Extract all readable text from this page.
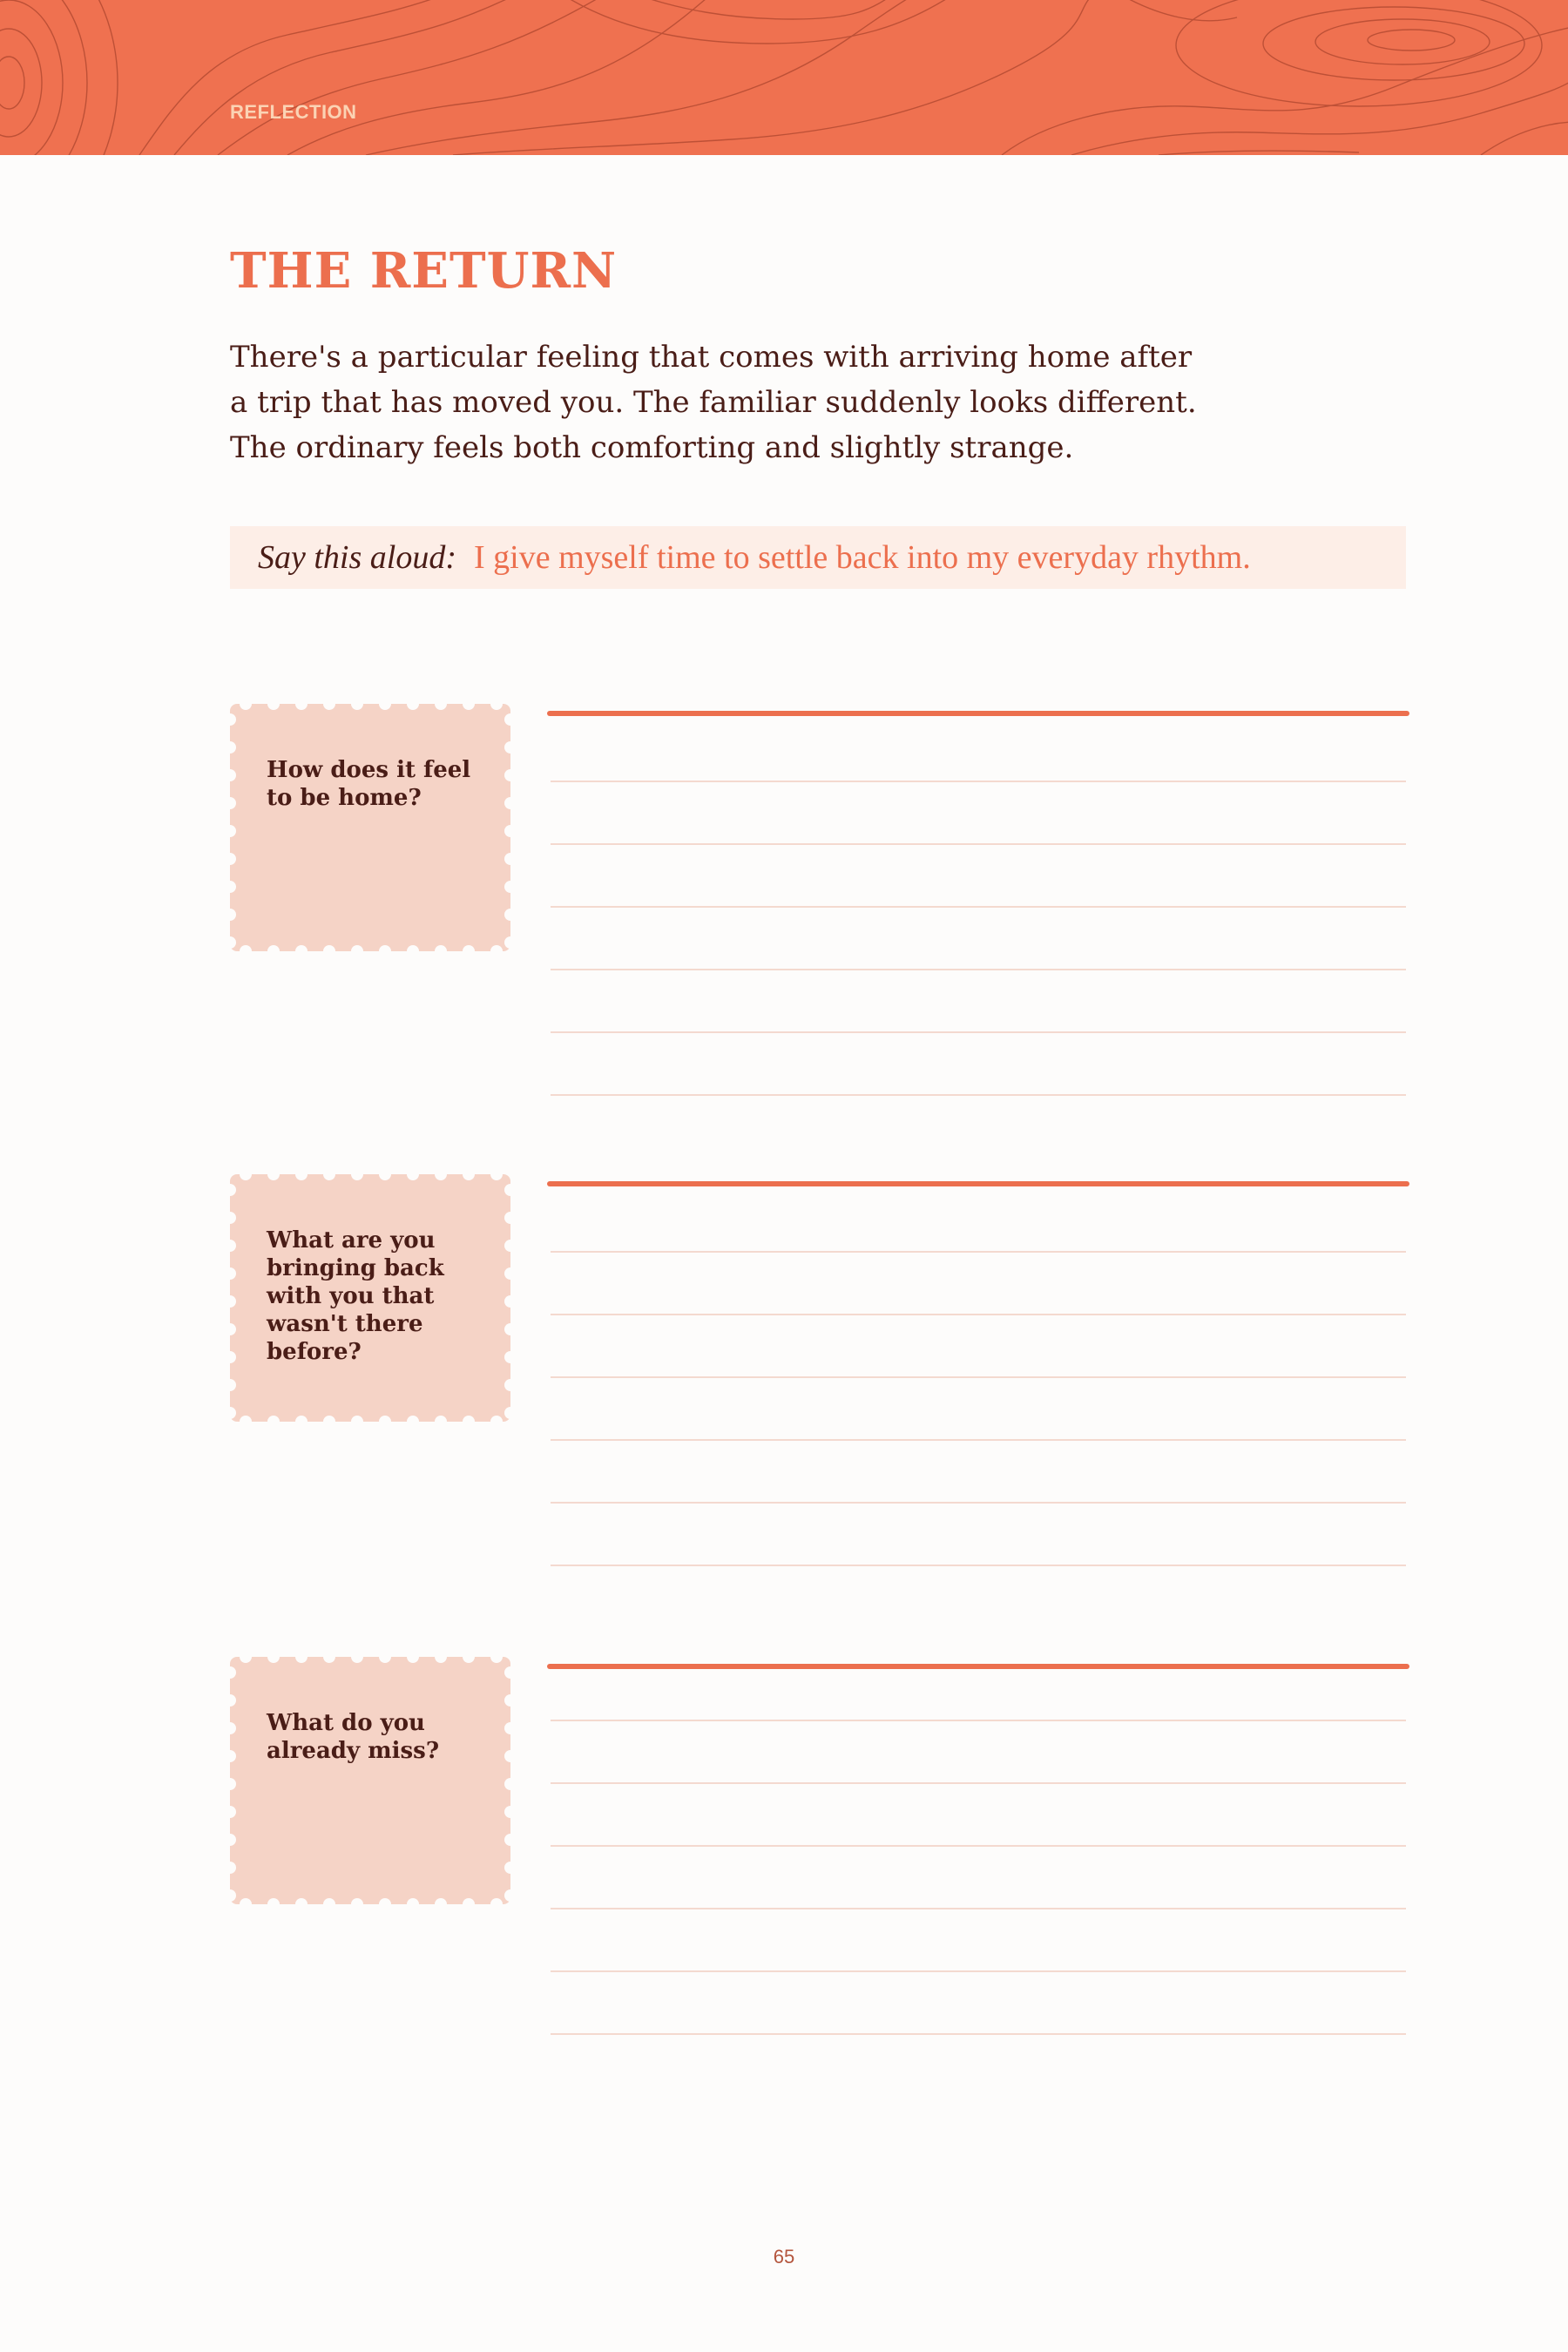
REFLECTION
THE RETURN

There's a particular feeling that comes with arriving home after
a trip that has moved you. The familiar suddenly looks different.
The ordinary feels both comforting and slightly strange.

Say this aloud: I give myself time to settle back into my everyday rhythm.
How does it feel to be home?
What are you bringing back with you that wasn't there before?
What do you already miss?
65
